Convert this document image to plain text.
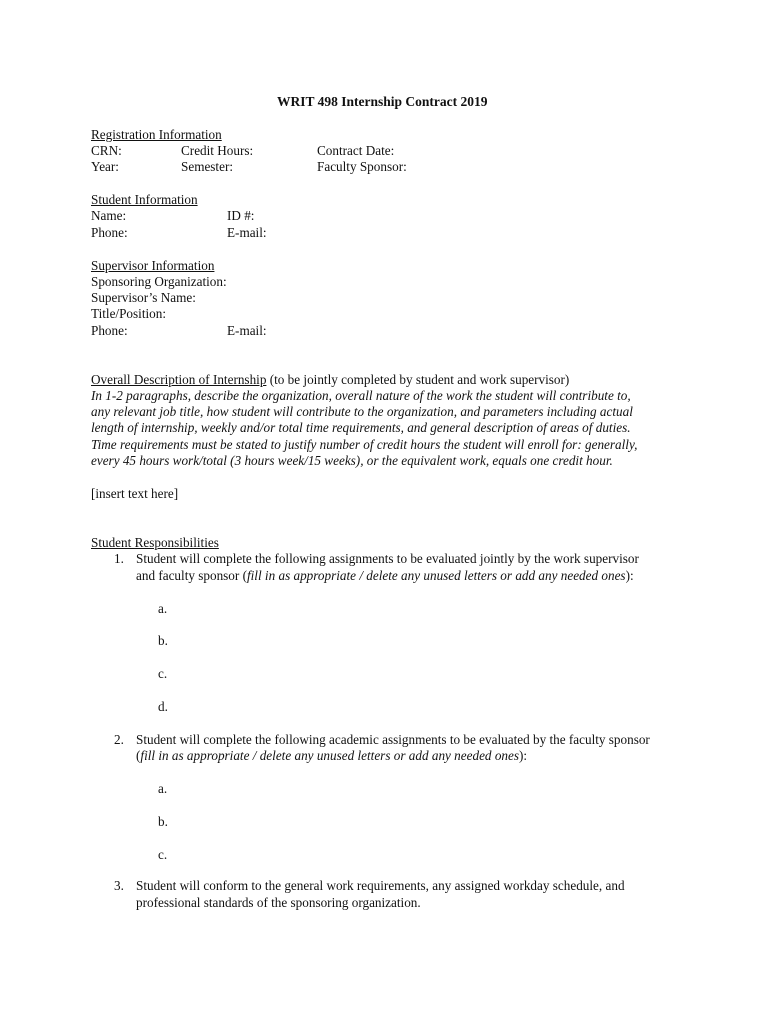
WRIT 498 Internship Contract 2019
Registration Information
CRN:	Credit Hours:	Contract Date:
Year:	Semester:	Faculty Sponsor:
Student Information
Name:	ID #:
Phone:	E-mail:
Supervisor Information
Sponsoring Organization:
Supervisor’s Name:
Title/Position:
Phone:	E-mail:
Overall Description of Internship (to be jointly completed by student and work supervisor)
In 1-2 paragraphs, describe the organization, overall nature of the work the student will contribute to,
any relevant job title, how student will contribute to the organization, and parameters including actual
length of internship, weekly and/or total time requirements, and general description of areas of duties.
Time requirements must be stated to justify number of credit hours the student will enroll for: generally,
every 45 hours work/total (3 hours week/15 weeks), or the equivalent work, equals one credit hour.
[insert text here]
Student Responsibilities
1. Student will complete the following assignments to be evaluated jointly by the work supervisor
and faculty sponsor (fill in as appropriate / delete any unused letters or add any needed ones):
a.
b.
c.
d.
2. Student will complete the following academic assignments to be evaluated by the faculty sponsor
(fill in as appropriate / delete any unused letters or add any needed ones):
a.
b.
c.
3. Student will conform to the general work requirements, any assigned workday schedule, and
professional standards of the sponsoring organization.
